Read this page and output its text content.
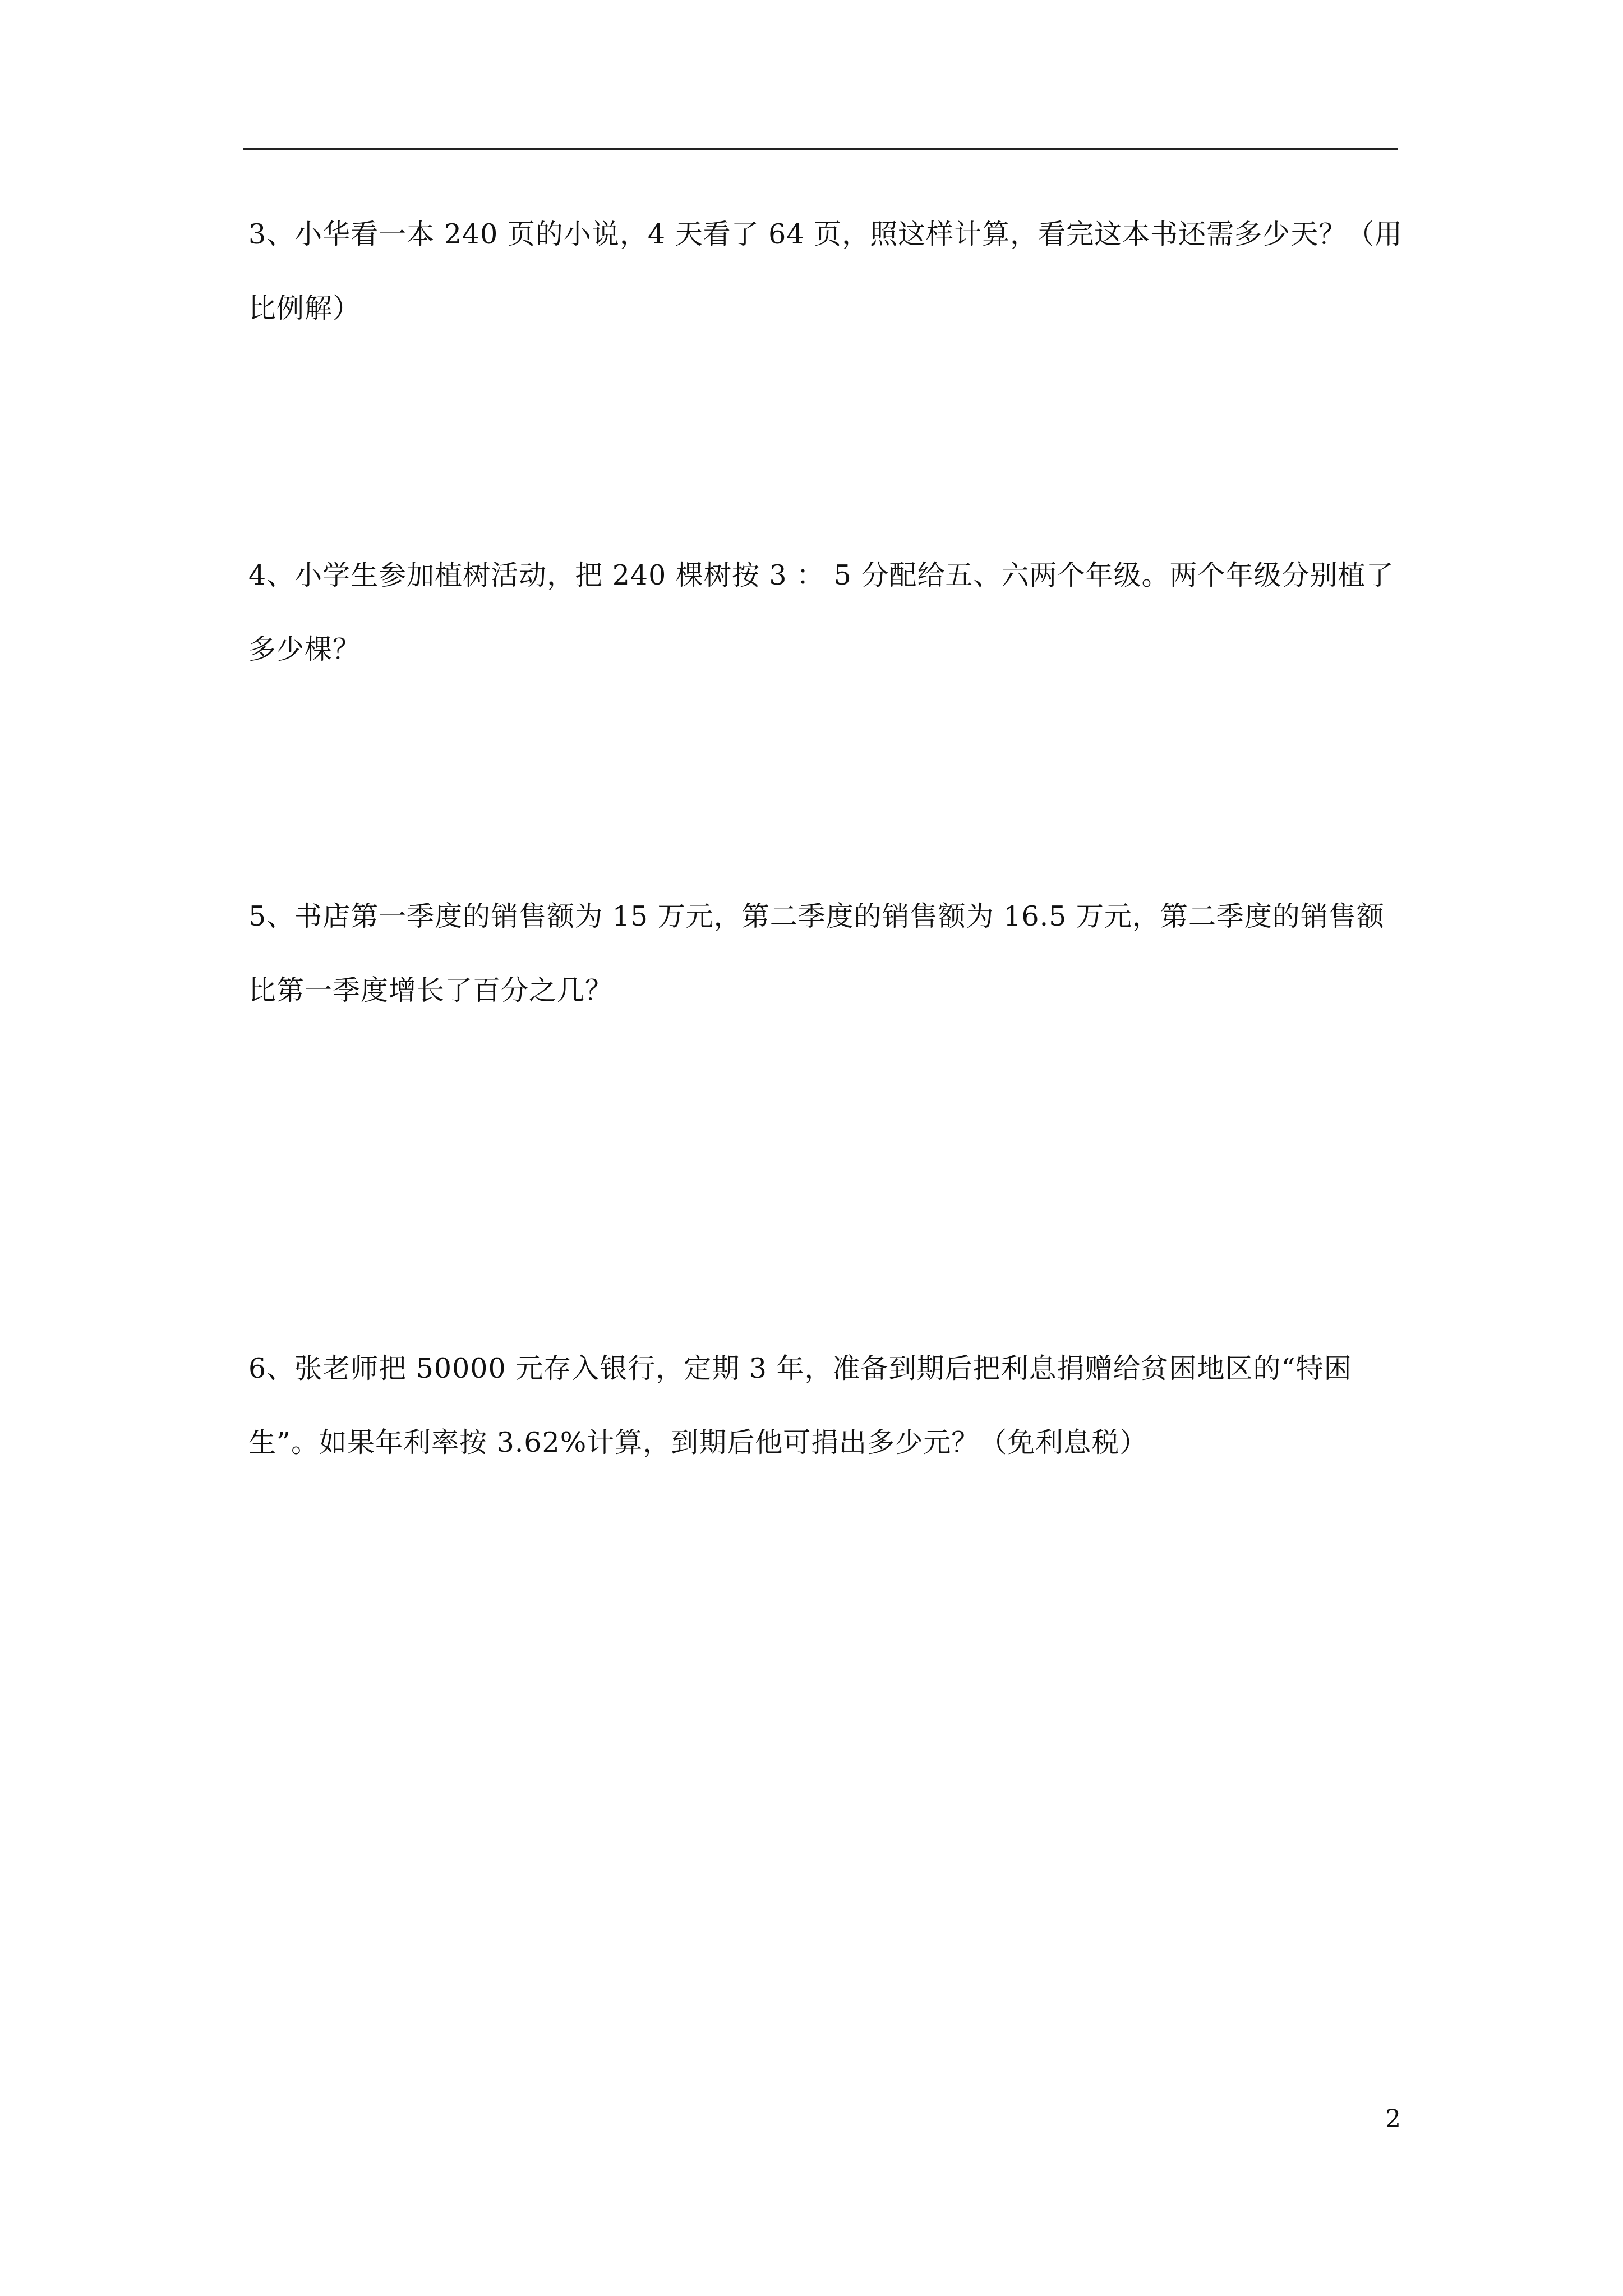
3、小华看一本 240 页的小说，4 天看了 64 页，照这样计算，看完这本书还需多少天？（用

比例解）

4、小学生参加植树活动，把 240 棵树按 3 ： 5 分配给五、六两个年级。两个年级分别植了

多少棵？

5、书店第一季度的销售额为 15 万元，第二季度的销售额为 16.5 万元，第二季度的销售额

比第一季度增长了百分之几？

6、张老师把 50000 元存入银行，定期 3 年，准备到期后把利息捐赠给贫困地区的“特困

生”。如果年利率按 3.62%计算，到期后他可捐出多少元？（免利息税）

2
